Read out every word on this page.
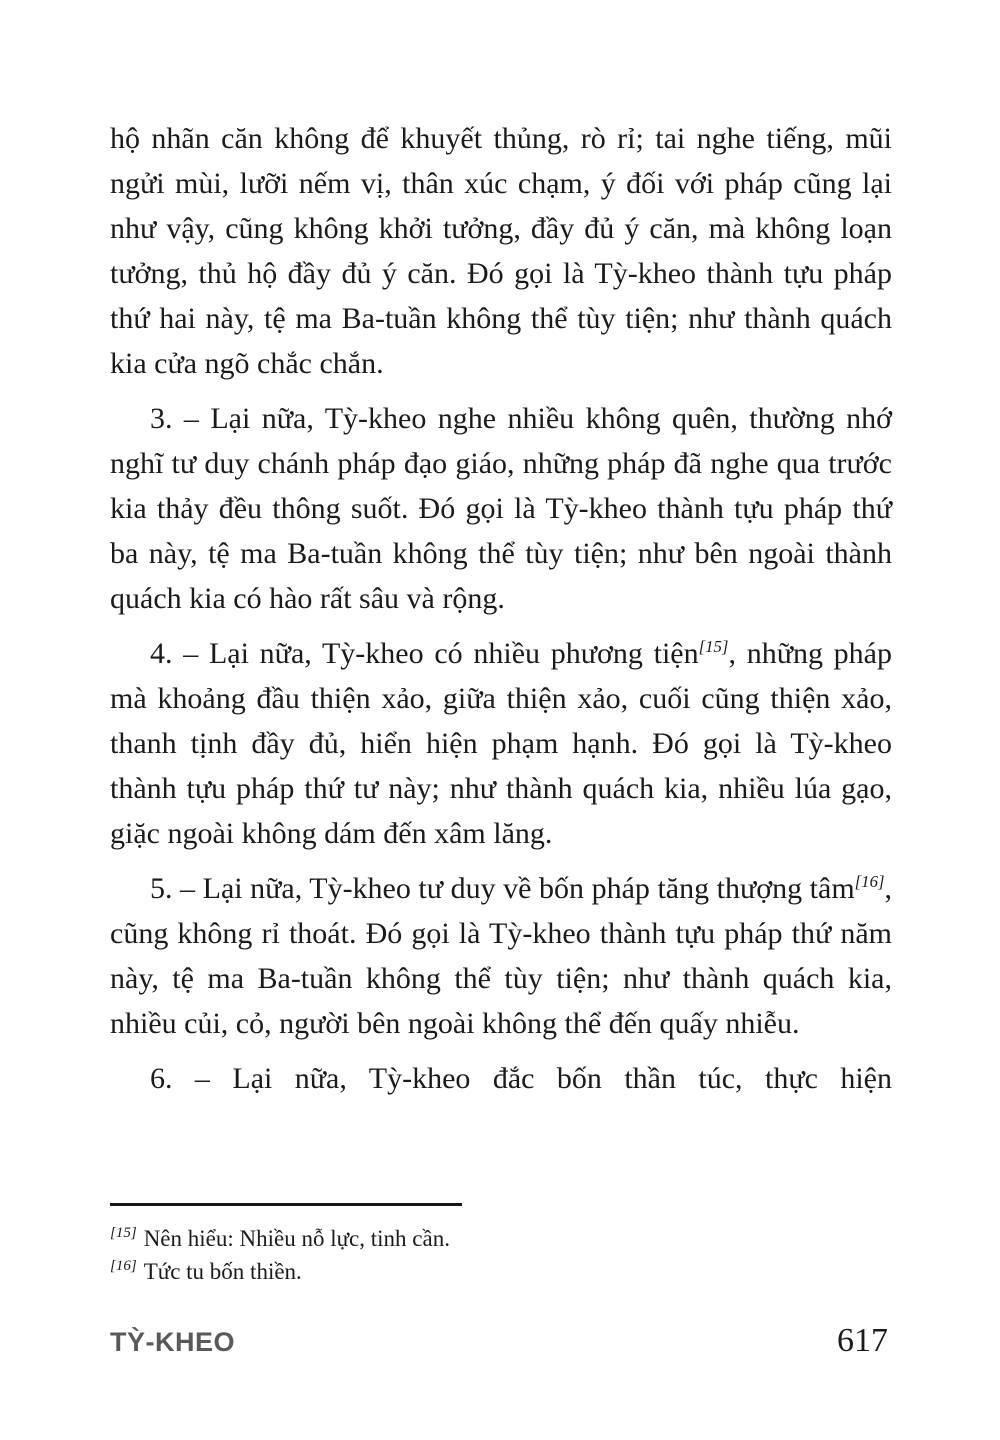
hộ nhãn căn không để khuyết thủng, rò rỉ; tai nghe tiếng, mũi ngửi mùi, lưỡi nếm vị, thân xúc chạm, ý đối với pháp cũng lại như vậy, cũng không khởi tưởng, đầy đủ ý căn, mà không loạn tưởng, thủ hộ đầy đủ ý căn. Đó gọi là Tỳ-kheo thành tựu pháp thứ hai này, tệ ma Ba-tuần không thể tùy tiện; như thành quách kia cửa ngõ chắc chắn.

3. – Lại nữa, Tỳ-kheo nghe nhiều không quên, thường nhớ nghĩ tư duy chánh pháp đạo giáo, những pháp đã nghe qua trước kia thảy đều thông suốt. Đó gọi là Tỳ-kheo thành tựu pháp thứ ba này, tệ ma Ba-tuần không thể tùy tiện; như bên ngoài thành quách kia có hào rất sâu và rộng.

4. – Lại nữa, Tỳ-kheo có nhiều phương tiện[15], những pháp mà khoảng đầu thiện xảo, giữa thiện xảo, cuối cũng thiện xảo, thanh tịnh đầy đủ, hiển hiện phạm hạnh. Đó gọi là Tỳ-kheo thành tựu pháp thứ tư này; như thành quách kia, nhiều lúa gạo, giặc ngoài không dám đến xâm lăng.

5. – Lại nữa, Tỳ-kheo tư duy về bốn pháp tăng thượng tâm[16], cũng không rỉ thoát. Đó gọi là Tỳ-kheo thành tựu pháp thứ năm này, tệ ma Ba-tuần không thể tùy tiện; như thành quách kia, nhiều củi, cỏ, người bên ngoài không thể đến quấy nhiễu.

6. – Lại nữa, Tỳ-kheo đắc bốn thần túc, thực hiện

[15] Nên hiểu: Nhiều nỗ lực, tinh cần.
[16] Tức tu bốn thiền.
TỲ-KHEO	617
